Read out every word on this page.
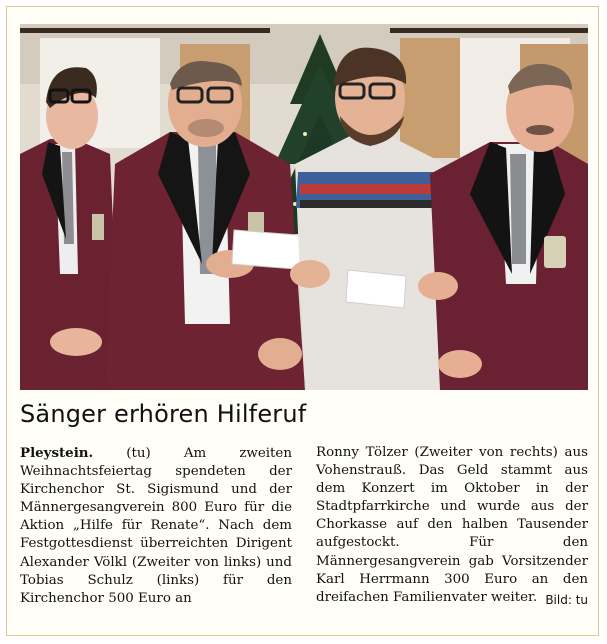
Sänger erhören Hilferuf
Pleystein. (tu) Am zweiten Weihnachtsfeiertag spendeten der Kirchenchor St. Sigismund und der Männergesangverein 800 Euro für die Aktion „Hilfe für Renate“. Nach dem Festgottesdienst überreichten Dirigent Alexander Völkl (Zweiter von links) und Tobias Schulz (links) für den Kirchenchor 500 Euro an
Ronny Tölzer (Zweiter von rechts) aus Vohenstrauß. Das Geld stammt aus dem Konzert im Oktober in der Stadtpfarrkirche und wurde aus der Chorkasse auf den halben Tausender aufgestockt. Für den Männergesangverein gab Vorsitzender Karl Herrmann 300 Euro an den dreifachen Familienvater weiter. Bild: tu
